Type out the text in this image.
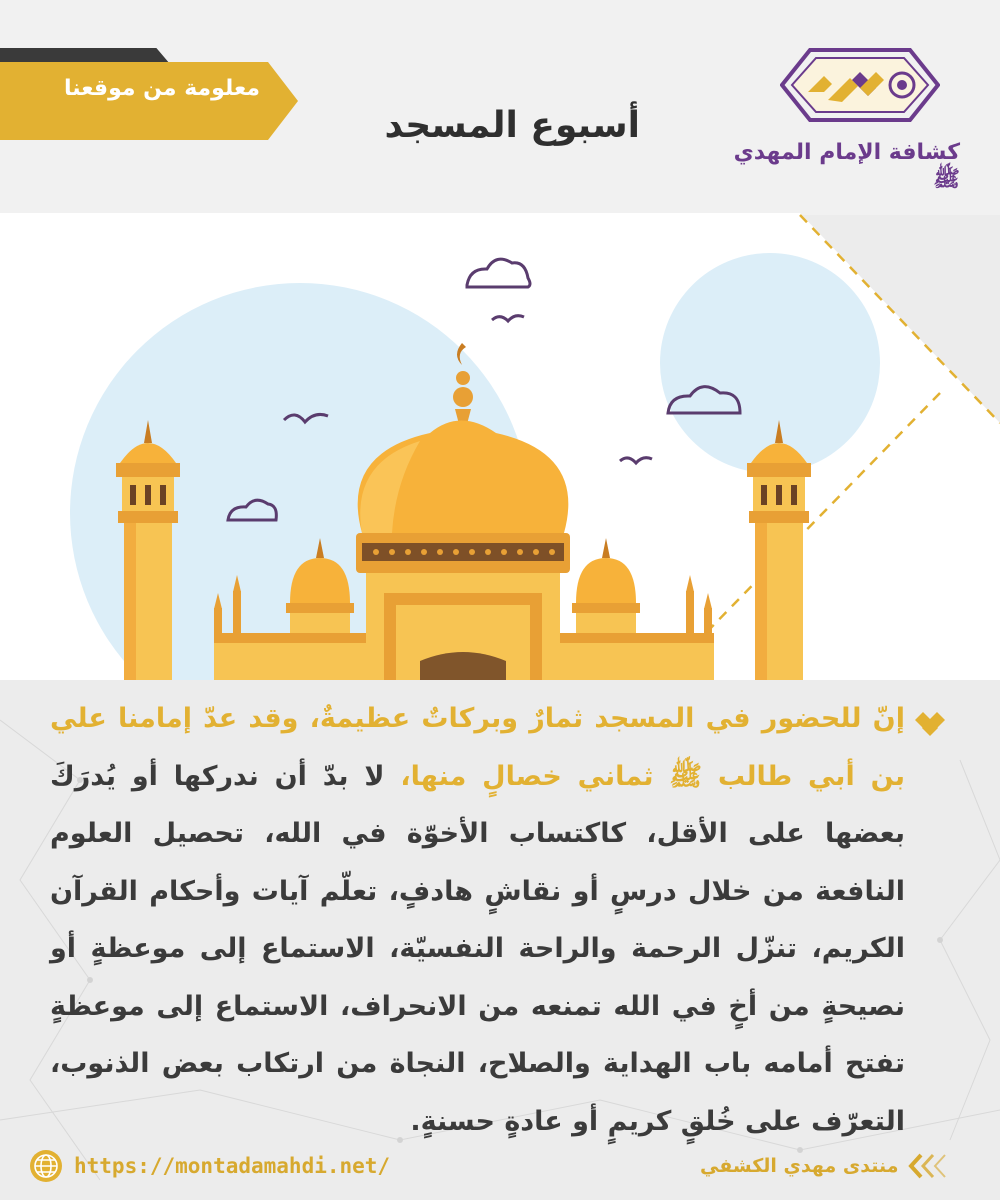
معلومة من موقعنا
أسبوع المسجد
كشافة الإمام المهدي ﷺ
إنّ للحضور في المسجد ثمارٌ وبركاتٌ عظيمةٌ، وقد عدّ إمامنا علي بن أبي طالب ﷺ ثماني خصالٍ منها، لا بدّ أن ندركها أو يُدرَكَ بعضها على الأقل، كاكتساب الأخوّة في الله، تحصيل العلوم النافعة من خلال درسٍ أو نقاشٍ هادفٍ، تعلّم آيات وأحكام القرآن الكريم، تنزّل الرحمة والراحة النفسيّة، الاستماع إلى موعظةٍ أو نصيحةٍ من أخٍ في الله تمنعه من الانحراف، الاستماع إلى موعظةٍ تفتح أمامه باب الهداية والصلاح، النجاة من ارتكاب بعض الذنوب، التعرّف على خُلقٍ كريمٍ أو عادةٍ حسنةٍ.
https://montadamahdi.net/	منتدى مهدي الكشفي
